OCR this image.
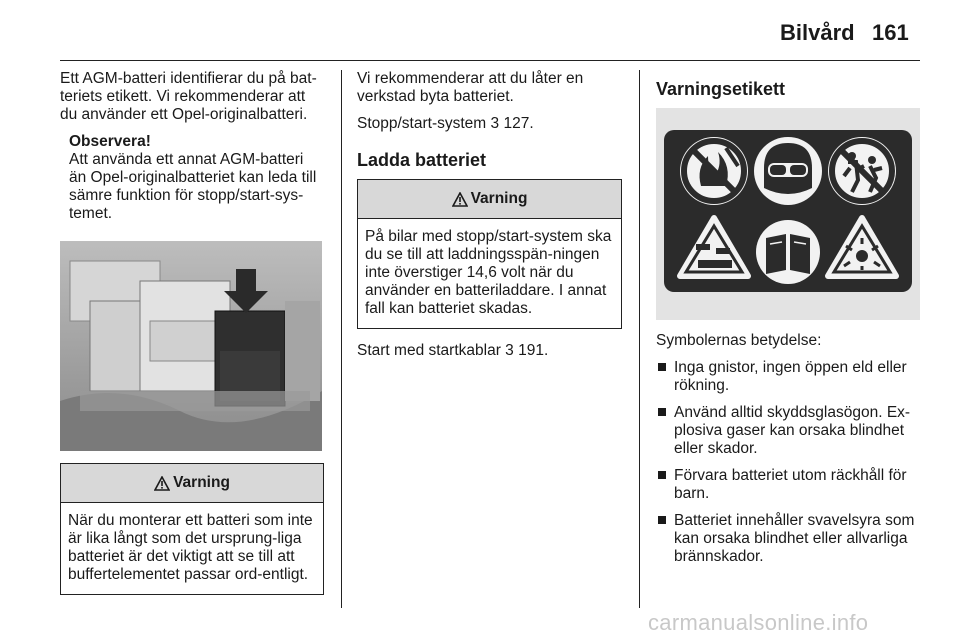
Bilvård 161

Ett AGM-batteri identifierar du på bat-teriets etikett. Vi rekommenderar att du använder ett Opel-originalbatteri.

Observera!
Att använda ett annat AGM-batteri än Opel-originalbatteriet kan leda till sämre funktion för stopp/start-sys-temet.
Varning
När du monterar ett batteri som inte är lika långt som det ursprung-liga batteriet är det viktigt att se till att buffertelementet passar ord-entligt.

Vi rekommenderar att du låter en verkstad byta batteriet.

Stopp/start-system 3 127.

Ladda batteriet
Varning
På bilar med stopp/start-system ska du se till att laddningsspän-ningen inte överstiger 14,6 volt när du använder en batteriladdare. I annat fall kan batteriet skadas.

Start med startkablar 3 191.

Varningsetikett

Symbolernas betydelse:

Inga gnistor, ingen öppen eld eller rökning.
Använd alltid skyddsglasögon. Ex-plosiva gaser kan orsaka blindhet eller skador.
Förvara batteriet utom räckhåll för barn.
Batteriet innehåller svavelsyra som kan orsaka blindhet eller allvarliga brännskador.
carmanualsonline.info
